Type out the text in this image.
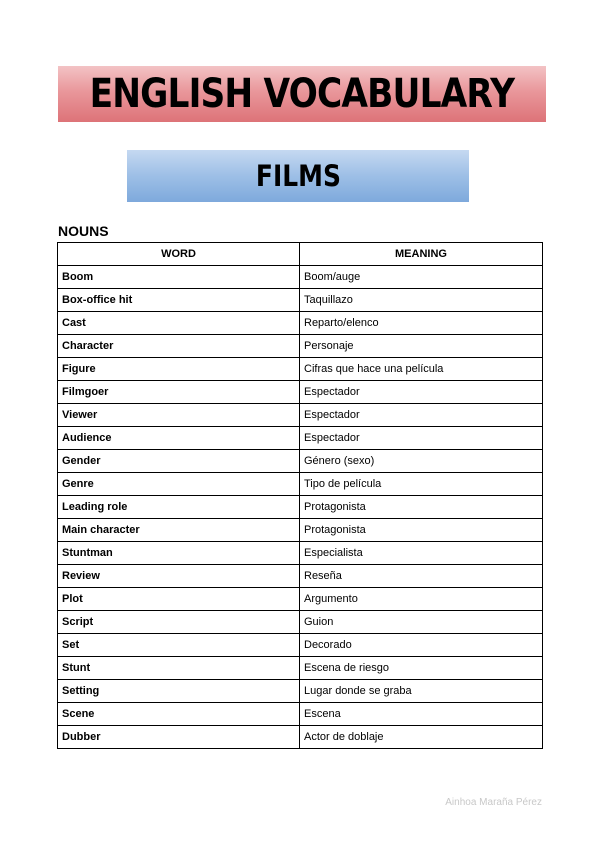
ENGLISH VOCABULARY
FILMS
NOUNS
WORD	MEANING
Boom	Boom/auge
Box-office hit	Taquillazo
Cast	Reparto/elenco
Character	Personaje
Figure	Cifras que hace una película
Filmgoer	Espectador
Viewer	Espectador
Audience	Espectador
Gender	Género (sexo)
Genre	Tipo de película
Leading role	Protagonista
Main character	Protagonista
Stuntman	Especialista
Review	Reseña
Plot	Argumento
Script	Guion
Set	Decorado
Stunt	Escena de riesgo
Setting	Lugar donde se graba
Scene	Escena
Dubber	Actor de doblaje
Ainhoa Maraña Pérez
